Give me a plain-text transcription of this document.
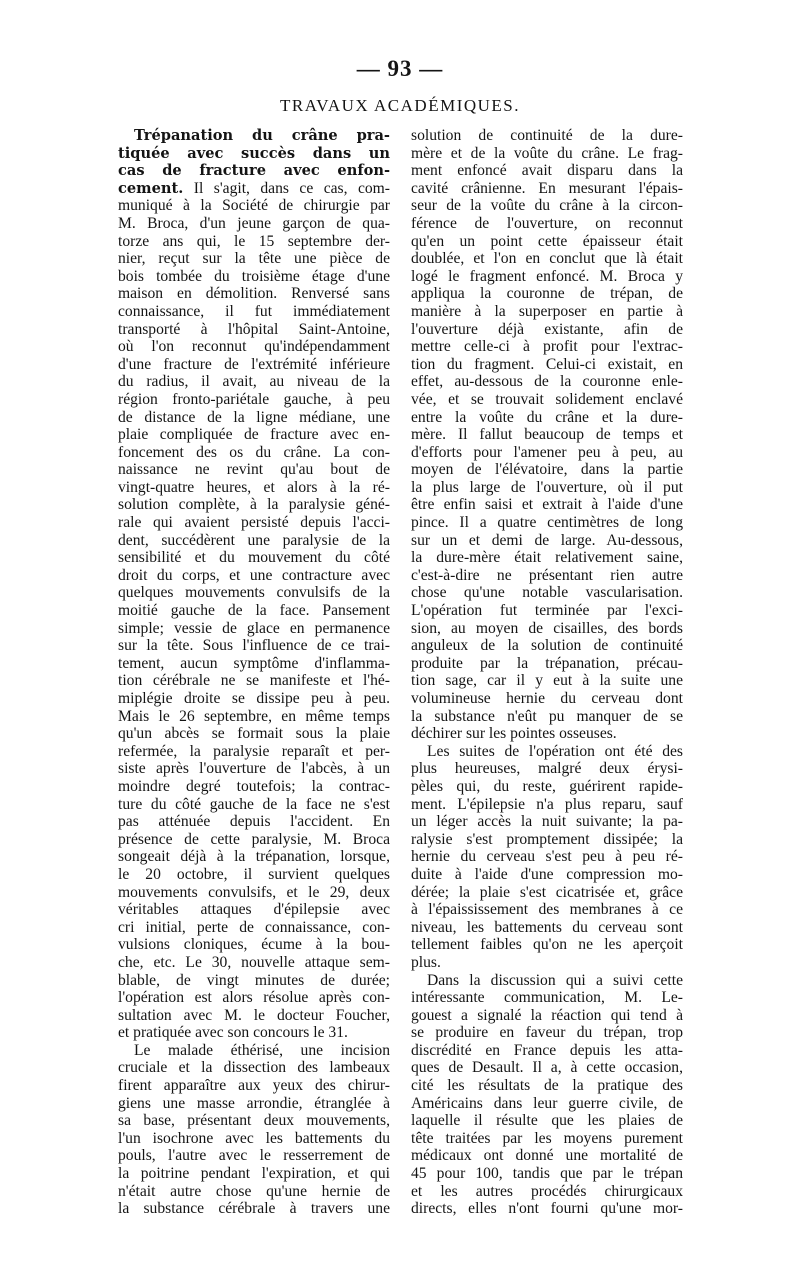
— 93 —
TRAVAUX ACADÉMIQUES.
Trépanation du crâne pra-
tiquée avec succès dans un
cas de fracture avec enfon-
cement. Il s'agit, dans ce cas, com-
muniqué à la Société de chirurgie par
M. Broca, d'un jeune garçon de qua-
torze ans qui, le 15 septembre der-
nier, reçut sur la tête une pièce de
bois tombée du troisième étage d'une
maison en démolition. Renversé sans
connaissance, il fut immédiatement
transporté à l'hôpital Saint-Antoine,
où l'on reconnut qu'indépendamment
d'une fracture de l'extrémité inférieure
du radius, il avait, au niveau de la
région fronto-pariétale gauche, à peu
de distance de la ligne médiane, une
plaie compliquée de fracture avec en-
foncement des os du crâne. La con-
naissance ne revint qu'au bout de
vingt-quatre heures, et alors à la ré-
solution complète, à la paralysie géné-
rale qui avaient persisté depuis l'acci-
dent, succédèrent une paralysie de la
sensibilité et du mouvement du côté
droit du corps, et une contracture avec
quelques mouvements convulsifs de la
moitié gauche de la face. Pansement
simple; vessie de glace en permanence
sur la tête. Sous l'influence de ce trai-
tement, aucun symptôme d'inflamma-
tion cérébrale ne se manifeste et l'hé-
miplégie droite se dissipe peu à peu.
Mais le 26 septembre, en même temps
qu'un abcès se formait sous la plaie
refermée, la paralysie reparaît et per-
siste après l'ouverture de l'abcès, à un
moindre degré toutefois; la contrac-
ture du côté gauche de la face ne s'est
pas atténuée depuis l'accident. En
présence de cette paralysie, M. Broca
songeait déjà à la trépanation, lorsque,
le 20 octobre, il survient quelques
mouvements convulsifs, et le 29, deux
véritables attaques d'épilepsie avec
cri initial, perte de connaissance, con-
vulsions cloniques, écume à la bou-
che, etc. Le 30, nouvelle attaque sem-
blable, de vingt minutes de durée;
l'opération est alors résolue après con-
sultation avec M. le docteur Foucher,
et pratiquée avec son concours le 31.
Le malade éthérisé, une incision
cruciale et la dissection des lambeaux
firent apparaître aux yeux des chirur-
giens une masse arrondie, étranglée à
sa base, présentant deux mouvements,
l'un isochrone avec les battements du
pouls, l'autre avec le resserrement de
la poitrine pendant l'expiration, et qui
n'était autre chose qu'une hernie de
la substance cérébrale à travers une
solution de continuité de la dure-
mère et de la voûte du crâne. Le frag-
ment enfoncé avait disparu dans la
cavité crânienne. En mesurant l'épais-
seur de la voûte du crâne à la circon-
férence de l'ouverture, on reconnut
qu'en un point cette épaisseur était
doublée, et l'on en conclut que là était
logé le fragment enfoncé. M. Broca y
appliqua la couronne de trépan, de
manière à la superposer en partie à
l'ouverture déjà existante, afin de
mettre celle-ci à profit pour l'extrac-
tion du fragment. Celui-ci existait, en
effet, au-dessous de la couronne enle-
vée, et se trouvait solidement enclavé
entre la voûte du crâne et la dure-
mère. Il fallut beaucoup de temps et
d'efforts pour l'amener peu à peu, au
moyen de l'élévatoire, dans la partie
la plus large de l'ouverture, où il put
être enfin saisi et extrait à l'aide d'une
pince. Il a quatre centimètres de long
sur un et demi de large. Au-dessous,
la dure-mère était relativement saine,
c'est-à-dire ne présentant rien autre
chose qu'une notable vascularisation.
L'opération fut terminée par l'exci-
sion, au moyen de cisailles, des bords
anguleux de la solution de continuité
produite par la trépanation, précau-
tion sage, car il y eut à la suite une
volumineuse hernie du cerveau dont
la substance n'eût pu manquer de se
déchirer sur les pointes osseuses.
Les suites de l'opération ont été des
plus heureuses, malgré deux érysi-
pèles qui, du reste, guérirent rapide-
ment. L'épilepsie n'a plus reparu, sauf
un léger accès la nuit suivante; la pa-
ralysie s'est promptement dissipée; la
hernie du cerveau s'est peu à peu ré-
duite à l'aide d'une compression mo-
dérée; la plaie s'est cicatrisée et, grâce
à l'épaississement des membranes à ce
niveau, les battements du cerveau sont
tellement faibles qu'on ne les aperçoit
plus.
Dans la discussion qui a suivi cette
intéressante communication, M. Le-
gouest a signalé la réaction qui tend à
se produire en faveur du trépan, trop
discrédité en France depuis les atta-
ques de Desault. Il a, à cette occasion,
cité les résultats de la pratique des
Américains dans leur guerre civile, de
laquelle il résulte que les plaies de
tête traitées par les moyens purement
médicaux ont donné une mortalité de
45 pour 100, tandis que par le trépan
et les autres procédés chirurgicaux
directs, elles n'ont fourni qu'une mor-
